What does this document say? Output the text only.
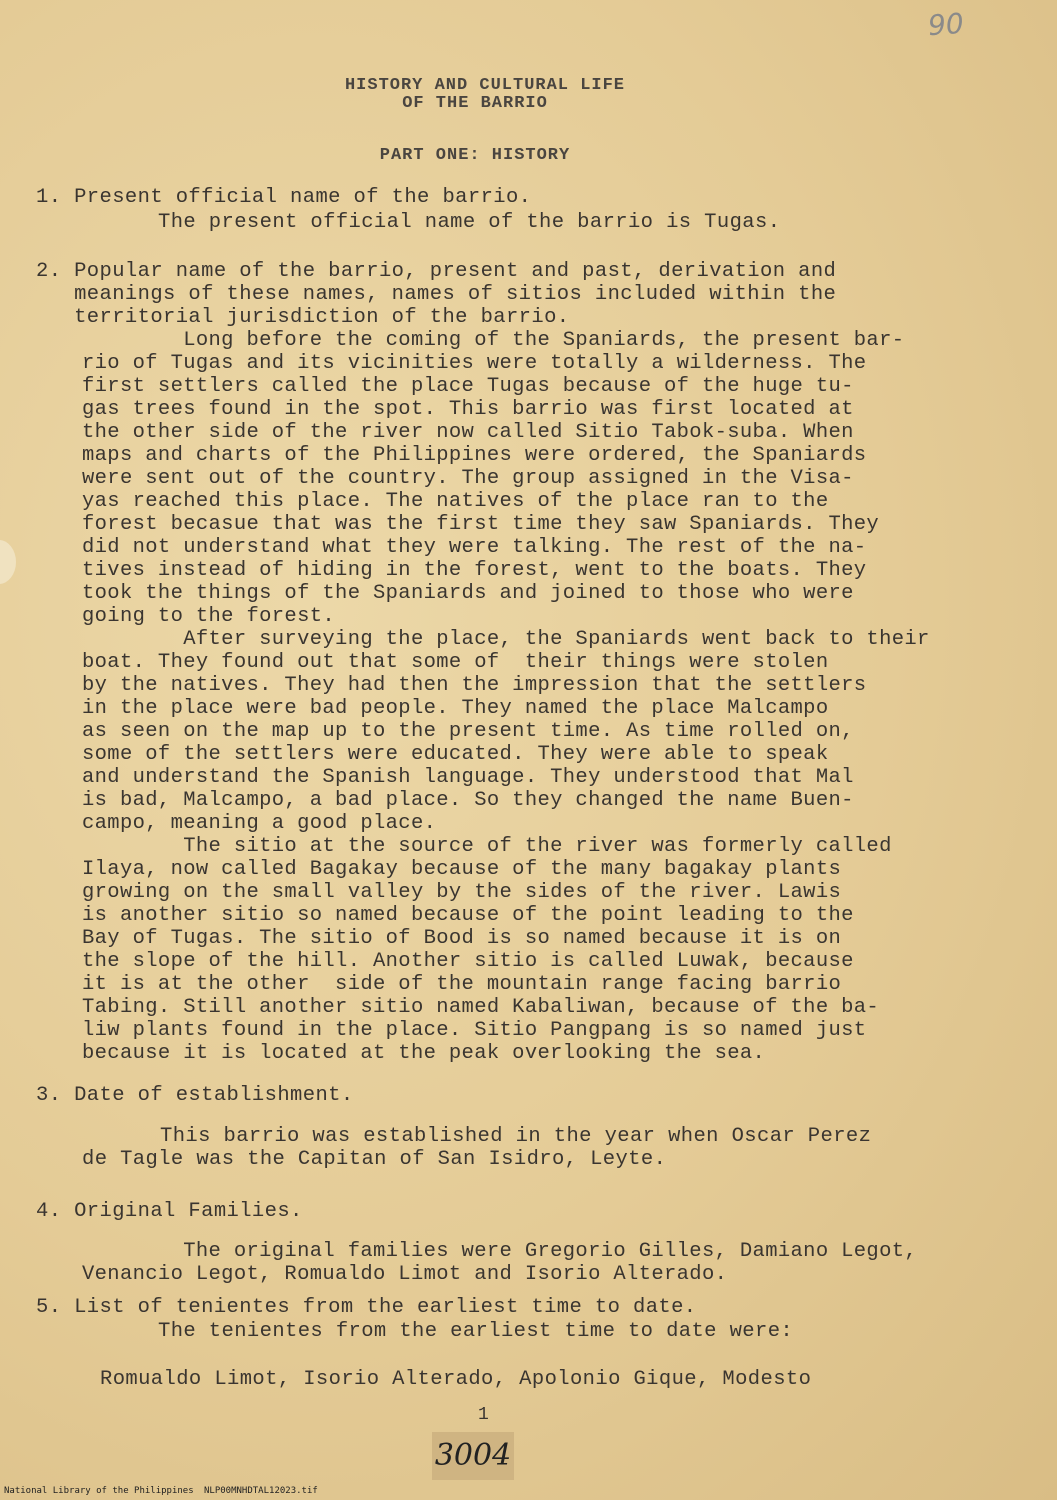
90
HISTORY AND CULTURAL LIFE
OF THE BARRIO
PART ONE: HISTORY
1. Present official name of the barrio.
The present official name of the barrio is Tugas.
2. Popular name of the barrio, present and past, derivation and
meanings of these names, names of sitios included within the
territorial jurisdiction of the barrio.
Long before the coming of the Spaniards, the present bar-
rio of Tugas and its vicinities were totally a wilderness. The
first settlers called the place Tugas because of the huge tu-
gas trees found in the spot. This barrio was first located at
the other side of the river now called Sitio Tabok-suba. When
maps and charts of the Philippines were ordered, the Spaniards
were sent out of the country. The group assigned in the Visa-
yas reached this place. The natives of the place ran to the
forest becasue that was the first time they saw Spaniards. They
did not understand what they were talking. The rest of the na-
tives instead of hiding in the forest, went to the boats. They
took the things of the Spaniards and joined to those who were
going to the forest.
After surveying the place, the Spaniards went back to their
boat. They found out that some of  their things were stolen
by the natives. They had then the impression that the settlers
in the place were bad people. They named the place Malcampo
as seen on the map up to the present time. As time rolled on,
some of the settlers were educated. They were able to speak
and understand the Spanish language. They understood that Mal
is bad, Malcampo, a bad place. So they changed the name Buen-
campo, meaning a good place.
The sitio at the source of the river was formerly called
Ilaya, now called Bagakay because of the many bagakay plants
growing on the small valley by the sides of the river. Lawis
is another sitio so named because of the point leading to the
Bay of Tugas. The sitio of Bood is so named because it is on
the slope of the hill. Another sitio is called Luwak, because
it is at the other  side of the mountain range facing barrio
Tabing. Still another sitio named Kabaliwan, because of the ba-
liw plants found in the place. Sitio Pangpang is so named just
because it is located at the peak overlooking the sea.
3. Date of establishment.
This barrio was established in the year when Oscar Perez
de Tagle was the Capitan of San Isidro, Leyte.
4. Original Families.
The original families were Gregorio Gilles, Damiano Legot,
Venancio Legot, Romualdo Limot and Isorio Alterado.
5. List of tenientes from the earliest time to date.
The tenientes from the earliest time to date were:
Romualdo Limot, Isorio Alterado, Apolonio Gique, Modesto
1
3004
National Library of the Philippines NLP00MNHDTAL12023.tif
